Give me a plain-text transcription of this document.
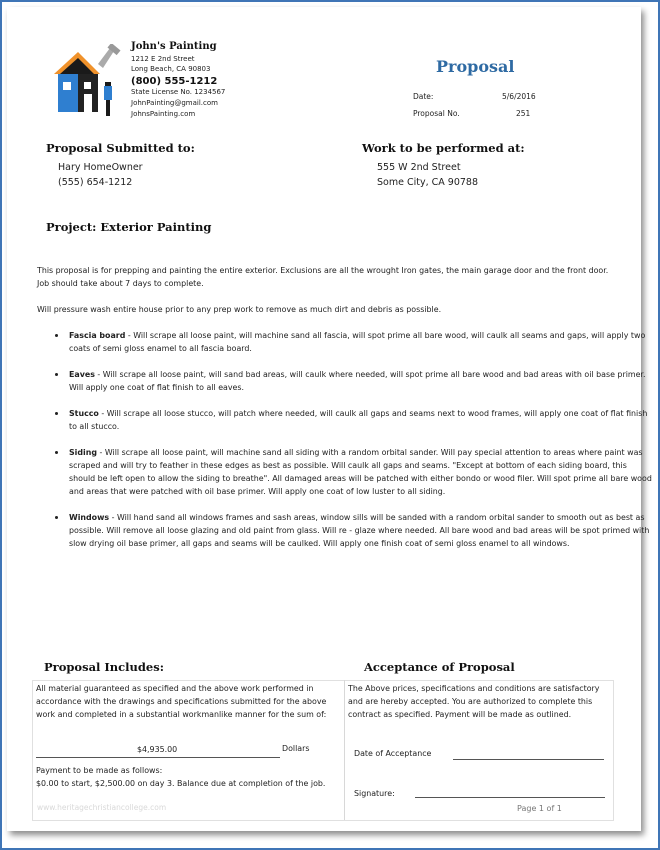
John's Painting
1212 E 2nd Street
Long Beach, CA 90803
(800) 555-1212
State License No. 1234567
JohnPainting@gmail.com
JohnsPainting.com
Proposal
Date:	5/6/2016
Proposal No.	251
Proposal Submitted to:
Hary HomeOwner
(555) 654-1212
Work to be performed at:
555 W 2nd Street
Some City, CA 90788
Project: Exterior Painting
This proposal is for prepping and painting the entire exterior. Exclusions are all the wrought Iron gates, the main garage door and the front door. Job should take about 7 days to complete.
Will pressure wash entire house prior to any prep work to remove as much dirt and debris as possible.
Fascia board - Will scrape all loose paint, will machine sand all fascia, will spot prime all bare wood, will caulk all seams and gaps, will apply two coats of semi gloss enamel to all fascia board.
Eaves - Will scrape all loose paint, will sand bad areas, will caulk where needed, will spot prime all bare wood and bad areas with oil base primer. Will apply one coat of flat finish to all eaves.
Stucco - Will scrape all loose stucco, will patch where needed, will caulk all gaps and seams next to wood frames, will apply one coat of flat finish to all stucco.
Siding - Will scrape all loose paint, will machine sand all siding with a random orbital sander. Will pay special attention to areas where paint was scraped and will try to feather in these edges as best as possible. Will caulk all gaps and seams. "Except at bottom of each siding board, this should be left open to allow the siding to breathe". All damaged areas will be patched with either bondo or wood filer. Will spot prime all bare wood and areas that were patched with oil base primer. Will apply one coat of low luster to all siding.
Windows - Will hand sand all windows frames and sash areas, window sills will be sanded with a random orbital sander to smooth out as best as possible. Will remove all loose glazing and old paint from glass. Will re - glaze where needed. All bare wood and bad areas will be spot primed with slow drying oil base primer, all gaps and seams will be caulked. Will apply one finish coat of semi gloss enamel to all windows.
Proposal Includes:	Acceptance of Proposal
All material guaranteed as specified and the above work performed in accordance with the drawings and specifications submitted for the above work and completed in a substantial workmanlike manner for the sum of:
$4,935.00	Dollars
Payment to be made as follows:
$0.00 to start, $2,500.00 on day 3. Balance due at completion of the job.
The Above prices, specifications and conditions are satisfactory and are hereby accepted. You are authorized to complete this contract as specified. Payment will be made as outlined.
Date of Acceptance
Signature:
www.heritagechristiancollege.com	Page 1 of 1
